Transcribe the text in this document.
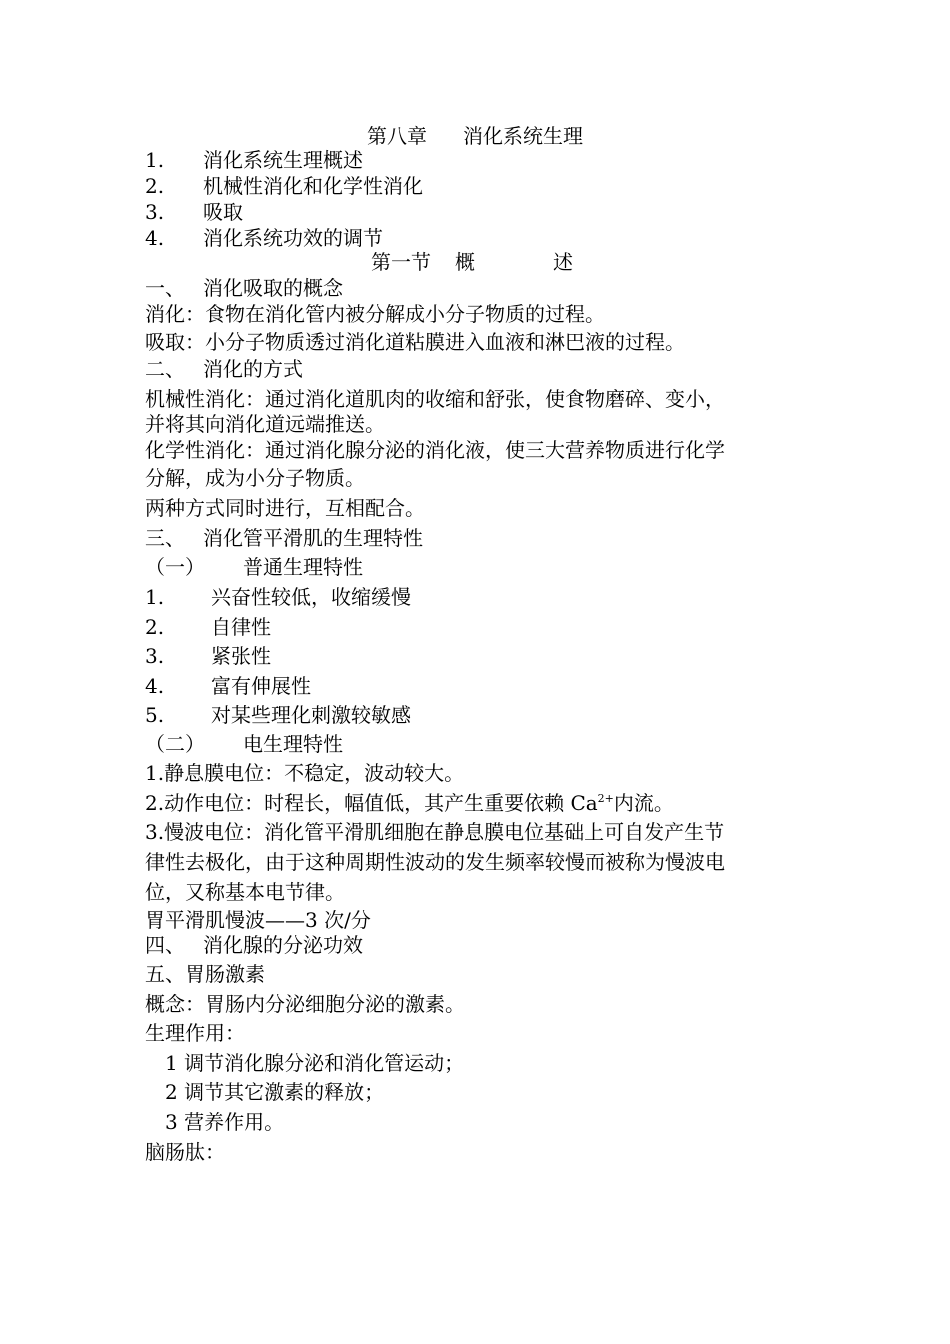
第八章 消化系统生理
1. 消化系统生理概述
2. 机械性消化和化学性消化
3. 吸取
4. 消化系统功效的调节
第一节 概	述
一、 消化吸取的概念
消化：食物在消化管内被分解成小分子物质的过程。
吸取：小分子物质透过消化道粘膜进入血液和淋巴液的过程。
二、 消化的方式
机械性消化：通过消化道肌肉的收缩和舒张，使食物磨碎、变小，
并将其向消化道远端推送。
化学性消化：通过消化腺分泌的消化液，使三大营养物质进行化学
分解，成为小分子物质。
两种方式同时进行，互相配合。
三、 消化管平滑肌的生理特性
（一） 普通生理特性
1. 兴奋性较低，收缩缓慢
2. 自律性
3. 紧张性
4. 富有伸展性
5. 对某些理化刺激较敏感
（二） 电生理特性
1.静息膜电位：不稳定，波动较大。
2.动作电位：时程长，幅值低，其产生重要依赖 $Ca^{2+}$内流。
3.慢波电位：消化管平滑肌细胞在静息膜电位基础上可自发产生节
律性去极化，由于这种周期性波动的发生频率较慢而被称为慢波电
位，又称基本电节律。
胃平滑肌慢波——3 次/分
四、 消化腺的分泌功效
五、胃肠激素
概念：胃肠内分泌细胞分泌的激素。
生理作用：
1 调节消化腺分泌和消化管运动；
2 调节其它激素的释放；
3 营养作用。
脑肠肽：
